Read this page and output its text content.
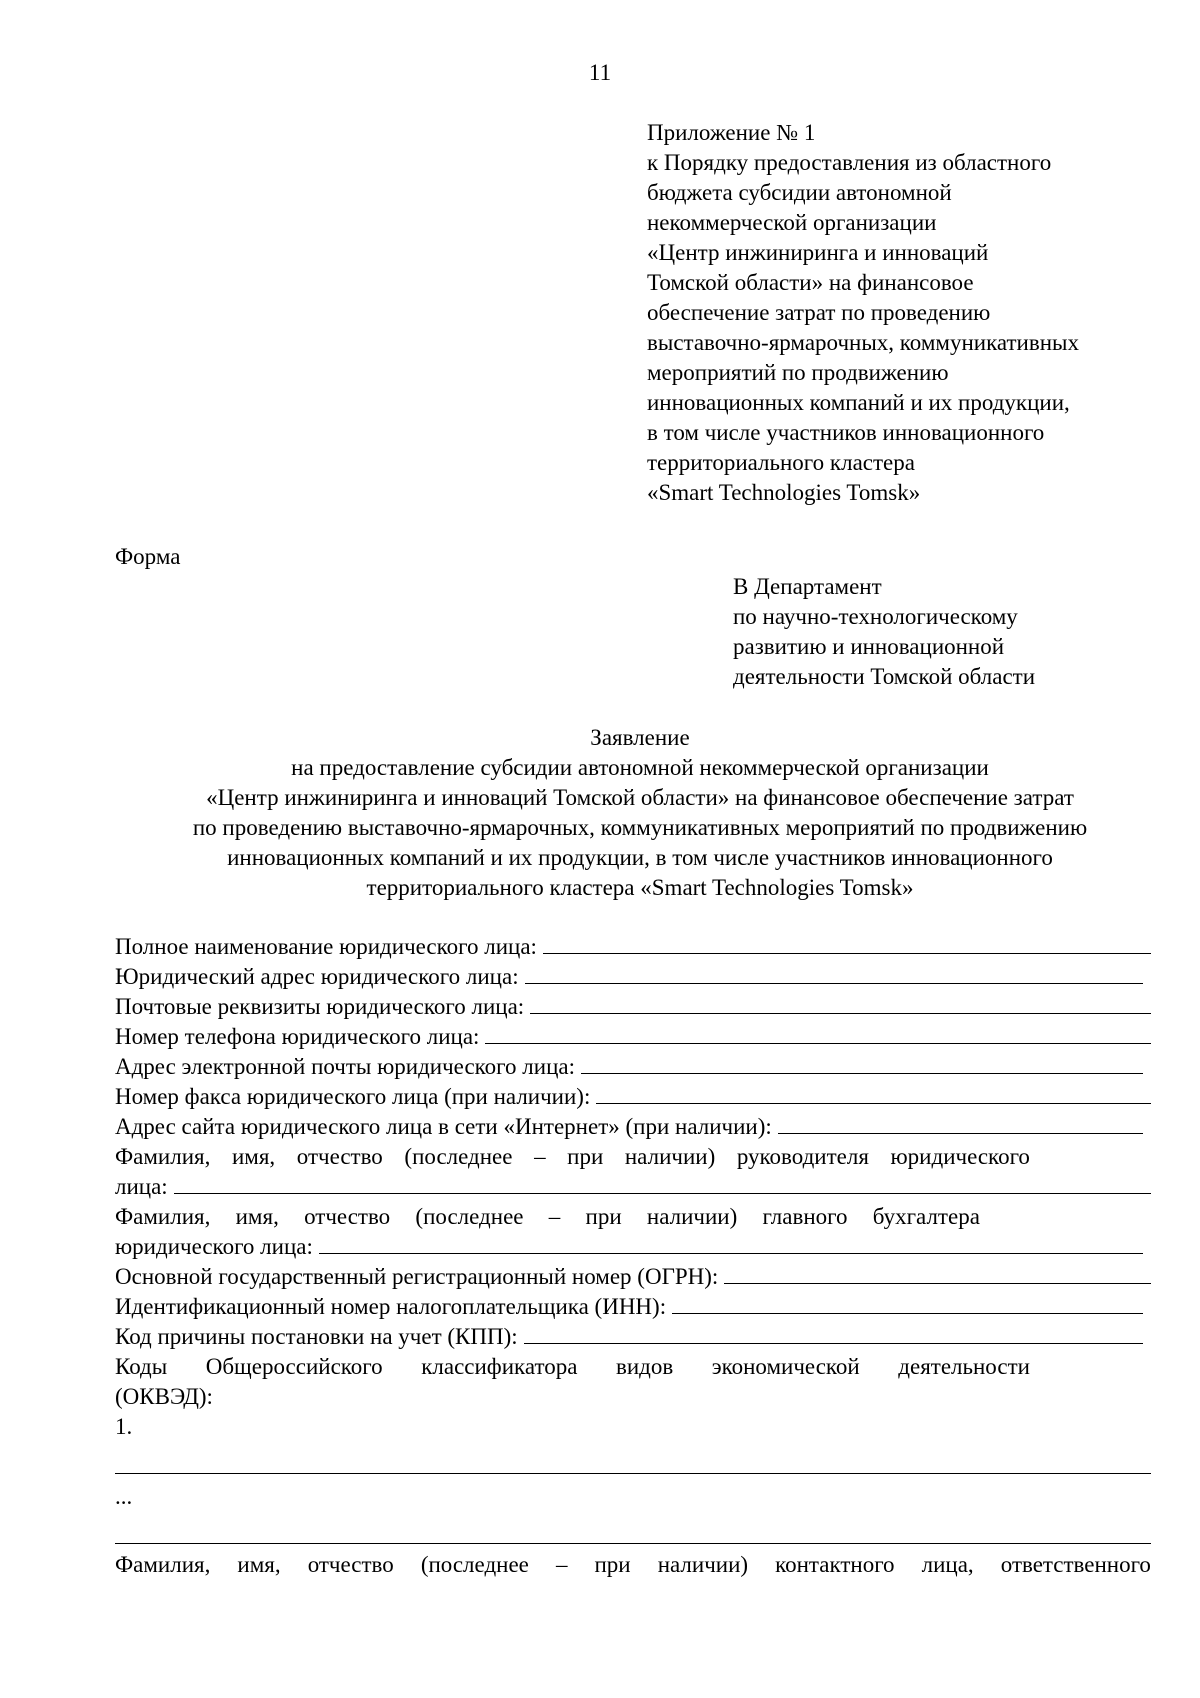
11
Приложение № 1
к Порядку предоставления из областного
бюджета субсидии автономной
некоммерческой организации
«Центр инжиниринга и инноваций
Томской области» на финансовое
обеспечение затрат по проведению
выставочно-ярмарочных, коммуникативных
мероприятий по продвижению
инновационных компаний и их продукции,
в том числе участников инновационного
территориального кластера
«Smart Technologies Tomsk»
Форма
В Департамент
по научно-технологическому
развитию и инновационной
деятельности Томской области
Заявление
на предоставление субсидии автономной некоммерческой организации
«Центр инжиниринга и инноваций Томской области» на финансовое обеспечение затрат
по проведению выставочно-ярмарочных, коммуникативных мероприятий по продвижению
инновационных компаний и их продукции, в том числе участников инновационного
территориального кластера «Smart Technologies Tomsk»
Полное наименование юридического лица:
Юридический адрес юридического лица:
Почтовые реквизиты юридического лица:
Номер телефона юридического лица:
Адрес электронной почты юридического лица:
Номер факса юридического лица (при наличии):
Адрес сайта юридического лица в сети «Интернет» (при наличии):
Фамилия, имя, отчество (последнее – при наличии) руководителя юридического
лица:
Фамилия, имя, отчество (последнее – при наличии) главного бухгалтера
юридического лица:
Основной государственный регистрационный номер (ОГРН):
Идентификационный номер налогоплательщика (ИНН):
Код причины постановки на учет (КПП):
Коды Общероссийского классификатора видов экономической деятельности
(ОКВЭД):
1.
...
Фамилия, имя, отчество (последнее – при наличии) контактного лица, ответственного
